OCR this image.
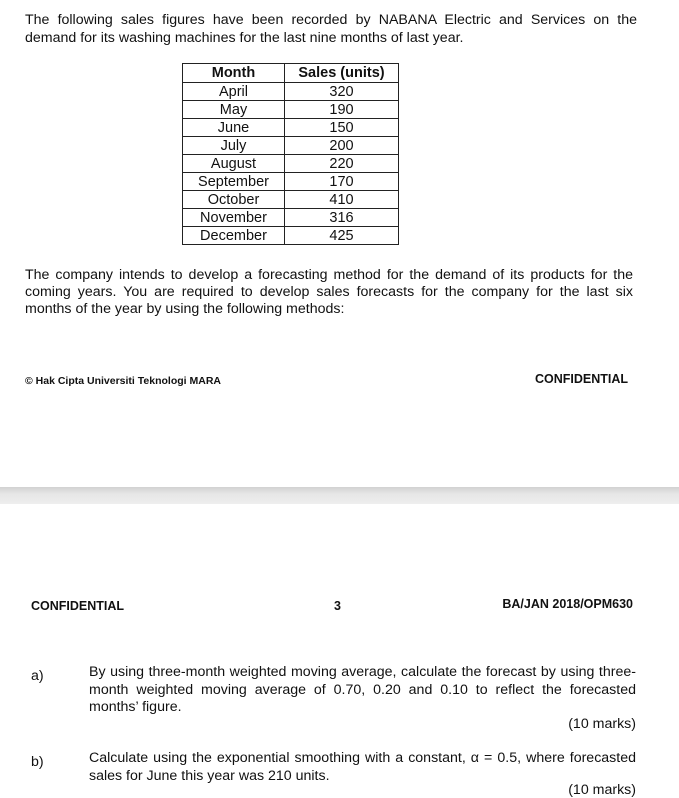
The following sales figures have been recorded by NABANA Electric and Services on the demand for its washing machines for the last nine months of last year.

Month	Sales (units)
April	320
May	190
June	150
July	200
August	220
September	170
October	410
November	316
December	425

The company intends to develop a forecasting method for the demand of its products for the coming years. You are required to develop sales forecasts for the company for the last six months of the year by using the following methods:

© Hak Cipta Universiti Teknologi MARA	CONFIDENTIAL
CONFIDENTIAL	3	BA/JAN 2018/OPM630
a)	By using three-month weighted moving average, calculate the forecast by using three-month weighted moving average of 0.70, 0.20 and 0.10 to reflect the forecasted months’ figure.
(10 marks)
b)	Calculate using the exponential smoothing with a constant, α = 0.5, where forecasted sales for June this year was 210 units.
(10 marks)
